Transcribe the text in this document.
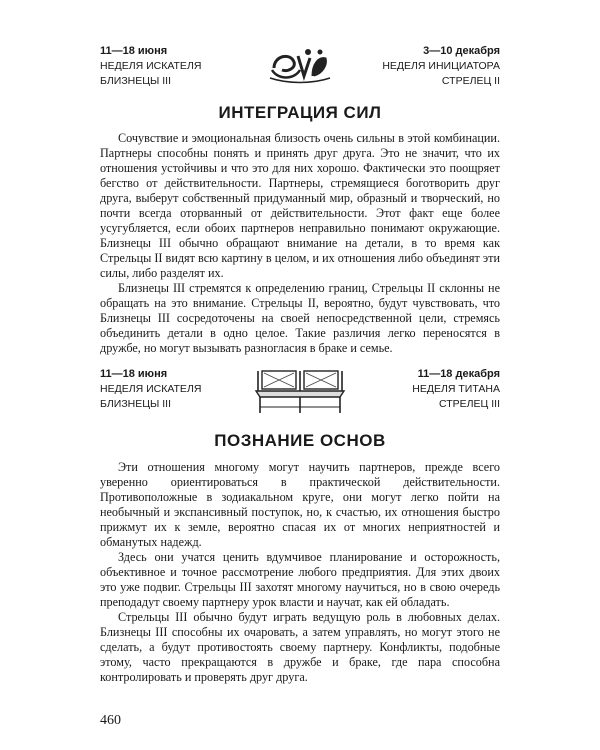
11—18 июня
НЕДЕЛЯ ИСКАТЕЛЯ
БЛИЗНЕЦЫ III
3—10 декабря
НЕДЕЛЯ ИНИЦИАТОРА
СТРЕЛЕЦ II
ИНТЕГРАЦИЯ СИЛ

Сочувствие и эмоциональная близость очень сильны в этой комбинации. Партнеры способны понять и принять друг друга. Это не значит, что их отношения устойчивы и что это для них хорошо. Фактически это поощряет бегство от действительности. Партнеры, стремящиеся боготворить друг друга, выберут собственный придуманный мир, образный и творческий, но почти всегда оторванный от действительности. Этот факт еще более усугубляется, если обоих партнеров неправильно понимают окружающие. Близнецы III обычно обращают внимание на детали, в то время как Стрельцы II видят всю картину в целом, и их отношения либо объединят эти силы, либо разделят их.

Близнецы III стремятся к определению границ, Стрельцы II склонны не обращать на это внимание. Стрельцы II, вероятно, будут чувствовать, что Близнецы III сосредоточены на своей непосредственной цели, стремясь объединить детали в одно целое. Такие различия легко переносятся в дружбе, но могут вызывать разногласия в браке и семье.

11—18 июня
НЕДЕЛЯ ИСКАТЕЛЯ
БЛИЗНЕЦЫ III
11—18 декабря
НЕДЕЛЯ ТИТАНА
СТРЕЛЕЦ III
ПОЗНАНИЕ ОСНОВ

Эти отношения многому могут научить партнеров, прежде всего уверенно ориентироваться в практической действительности. Противоположные в зодиакальном круге, они могут легко пойти на необычный и экспансивный поступок, но, к счастью, их отношения быстро прижмут их к земле, вероятно спасая их от многих неприятностей и обманутых надежд.

Здесь они учатся ценить вдумчивое планирование и осторожность, объективное и точное рассмотрение любого предприятия. Для этих двоих это уже подвиг. Стрельцы III захотят многому научиться, но в свою очередь преподадут своему партнеру урок власти и научат, как ей обладать.

Стрельцы III обычно будут играть ведущую роль в любовных делах. Близнецы III способны их очаровать, а затем управлять, но могут этого не сделать, а будут противостоять своему партнеру. Конфликты, подобные этому, часто прекращаются в дружбе и браке, где пара способна контролировать и проверять друг друга.

460
